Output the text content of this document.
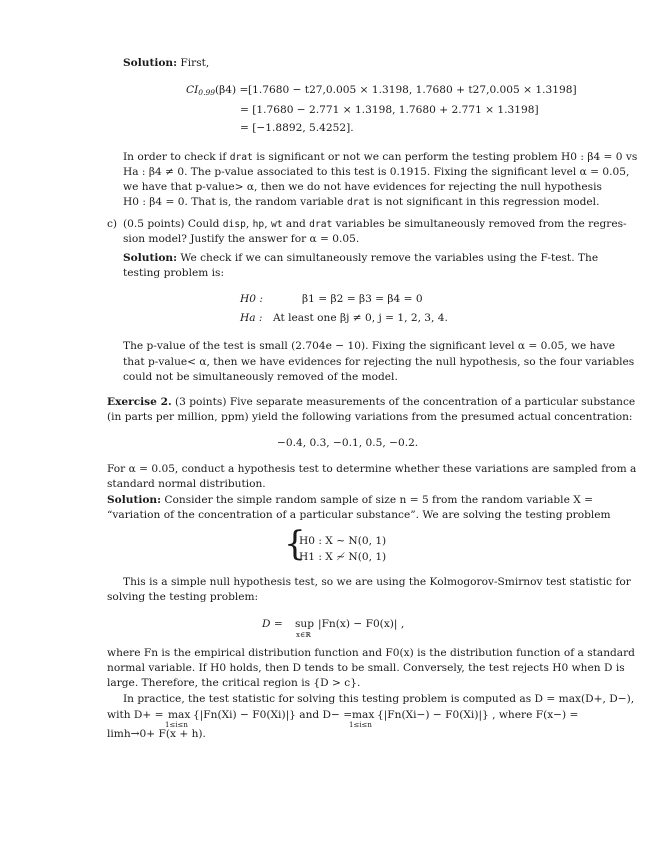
Solution: First,
$CI_{0.99}(\beta 4) = [1.7680 - t27,0.005 \times 1.3198$, 1.7680 + t27,0.005 × 1.3198]
= [1.7680 − 2.771 × 1.3198, 1.7680 + 2.771 × 1.3198]
= [−1.8892, 5.4252].
In order to check if drat is significant or not we can perform the testing problem H0 : β4 = 0 vs
Ha : β4 ≠ 0. The p-value associated to this test is 0.1915. Fixing the significant level α = 0.05,
we have that p-value> α, then we do not have evidences for rejecting the null hypothesis
H0 : β4 = 0. That is, the random variable drat is not significant in this regression model.
c) (0.5 points) Could disp, hp, wt and drat variables be simultaneously removed from the regres-
sion model? Justify the answer for α = 0.05.
Solution: We check if we can simultaneously remove the variables using the F-test. The
testing problem is:
H0 :	β1 = β2 = β3 = β4 = 0
Ha : At least one βj ≠ 0, j = 1, 2, 3, 4.
The p-value of the test is small (2.704e − 10). Fixing the significant level α = 0.05, we have
that p-value< α, then we have evidences for rejecting the null hypothesis, so the four variables
could not be simultaneously removed of the model.
Exercise 2. (3 points) Five separate measurements of the concentration of a particular substance
(in parts per million, ppm) yield the following variations from the presumed actual concentration:
−0.4, 0.3, −0.1, 0.5, −0.2.
For α = 0.05, conduct a hypothesis test to determine whether these variations are sampled from a
standard normal distribution.
Solution: Consider the simple random sample of size n = 5 from the random variable X =
“variation of the concentration of a particular substance”. We are solving the testing problem
{
H0 : X ∼ N(0, 1)
H1 : X ≁ N(0, 1)
This is a simple null hypothesis test, so we are using the Kolmogorov-Smirnov test statistic for
solving the testing problem:
D = sup
x∈ℝ
|Fn(x) − F0(x)| ,
where Fn is the empirical distribution function and F0(x) is the distribution function of a standard
normal variable. If H0 holds, then D tends to be small. Conversely, the test rejects H0 when D is
large. Therefore, the critical region is {D > c}.
In practice, the test statistic for solving this testing problem is computed as D = max(D+, D−),
with D+ = max
1≤i≤n
{|Fn(Xi) − F0(Xi)|} and D− = max
1≤i≤n
{|Fn(Xi−) − F0(Xi)|} , where F(x−) =
limh→0+ F(x + h).
